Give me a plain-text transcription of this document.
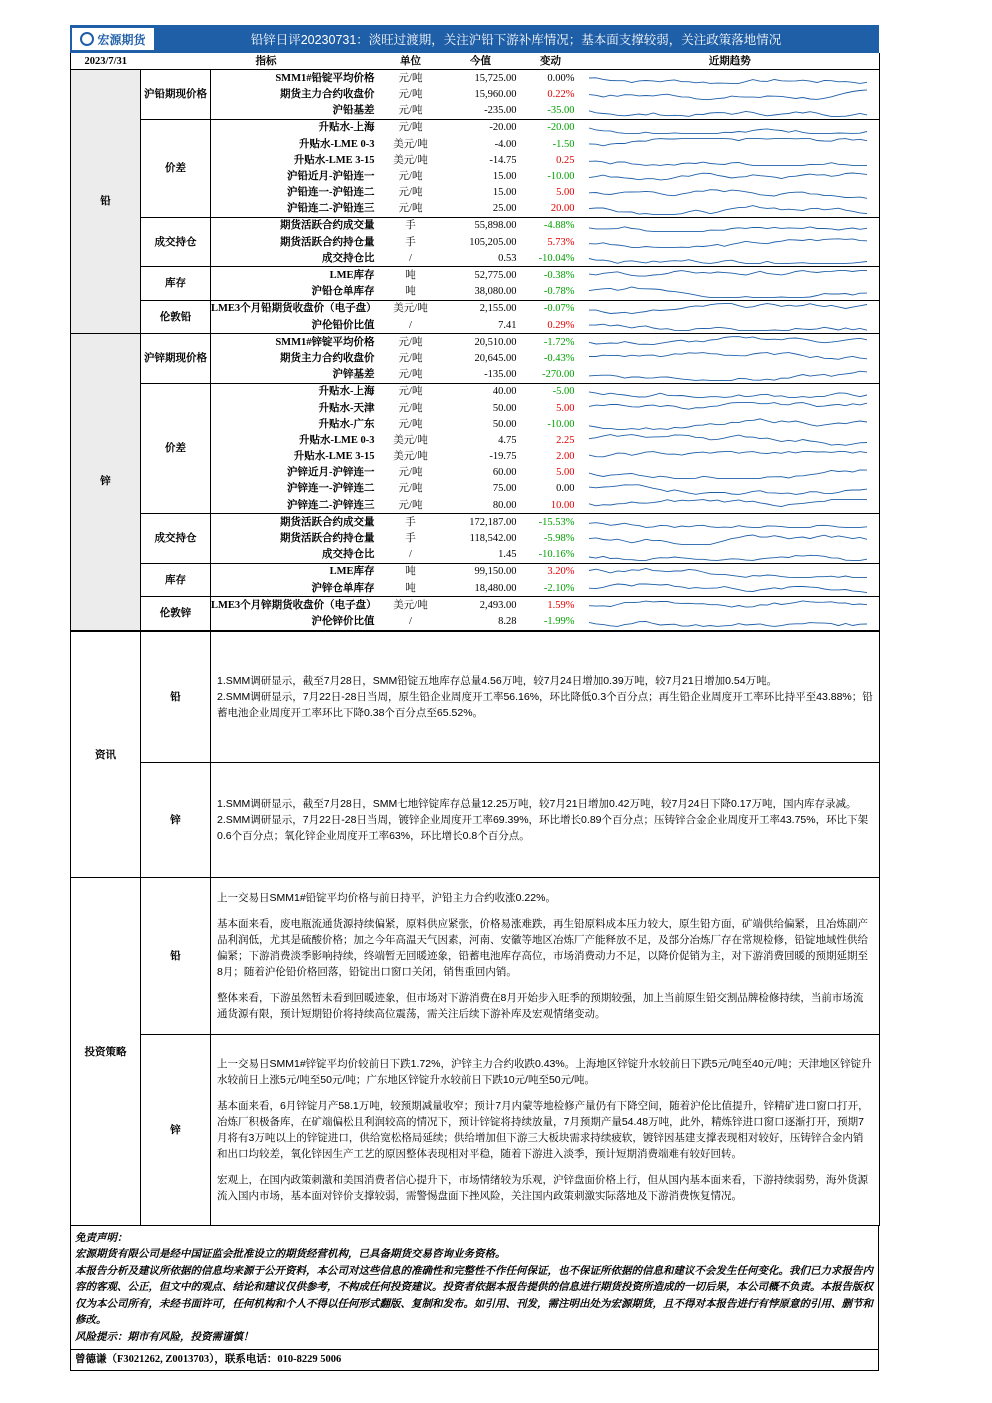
宏源期货	铅锌日评20230731：淡旺过渡期，关注沪铅下游补库情况；基本面支撑较弱，关注政策落地情况
2023/7/31		指标	单位	今值	变动	近期趋势
铅	沪铅期现价格	SMM1#铅锭平均价格	元/吨	15,725.00	0.00%	

		期货主力合约收盘价	元/吨	15,960.00	0.22%	

		沪铅基差	元/吨	-235.00	-35.00	

	价差	升贴水-上海	元/吨	-20.00	-20.00	

		升贴水-LME 0-3	美元/吨	-4.00	-1.50	

		升贴水-LME 3-15	美元/吨	-14.75	0.25	

		沪铅近月-沪铅连一	元/吨	15.00	-10.00	

		沪铅连一-沪铅连二	元/吨	15.00	5.00	

		沪铅连二-沪铅连三	元/吨	25.00	20.00	

	成交持仓	期货活跃合约成交量	手	55,898.00	-4.88%	

		期货活跃合约持仓量	手	105,205.00	5.73%	

		成交持仓比	/	0.53	-10.04%	

	库存	LME库存	吨	52,775.00	-0.38%	

		沪铅仓单库存	吨	38,080.00	-0.78%	

	伦敦铅	LME3个月铅期货收盘价（电子盘）	美元/吨	2,155.00	-0.07%	

		沪伦铅价比值	/	7.41	0.29%	

锌	沪锌期现价格	SMM1#锌锭平均价格	元/吨	20,510.00	-1.72%	

		期货主力合约收盘价	元/吨	20,645.00	-0.43%	

		沪锌基差	元/吨	-135.00	-270.00	

	价差	升贴水-上海	元/吨	40.00	-5.00	

		升贴水-天津	元/吨	50.00	5.00	

		升贴水-广东	元/吨	50.00	-10.00	

		升贴水-LME 0-3	美元/吨	4.75	2.25	

		升贴水-LME 3-15	美元/吨	-19.75	2.00	

		沪锌近月-沪锌连一	元/吨	60.00	5.00	

		沪锌连一-沪锌连二	元/吨	75.00	0.00	

		沪锌连二-沪锌连三	元/吨	80.00	10.00	

	成交持仓	期货活跃合约成交量	手	172,187.00	-15.53%	

		期货活跃合约持仓量	手	118,542.00	-5.98%	

		成交持仓比	/	1.45	-10.16%	

	库存	LME库存	吨	99,150.00	3.20%	

		沪锌仓单库存	吨	18,480.00	-2.10%	

	伦敦锌	LME3个月锌期货收盘价（电子盘）	美元/吨	2,493.00	1.59%	

		沪伦锌价比值	/	8.28	-1.99%	
资讯	铅	1.SMM调研显示，截至7月28日，SMM铅锭五地库存总量4.56万吨，较7月24日增加0.39万吨，较7月21日增加0.54万吨。
2.SMM调研显示，7月22日-28日当周，原生铅企业周度开工率56.16%，环比降低0.3个百分点；再生铅企业周度开工率环比持平至43.88%；铅蓄电池企业周度开工率环比下降0.38个百分点至65.52%。

	锌	1.SMM调研显示，截至7月28日，SMM七地锌锭库存总量12.25万吨，较7月21日增加0.42万吨，较7月24日下降0.17万吨，国内库存录减。
2.SMM调研显示，7月22日-28日当周，镀锌企业周度开工率69.39%，环比增长0.89个百分点；压铸锌合金企业周度开工率43.75%，环比下架0.6个百分点；氧化锌企业周度开工率63%，环比增长0.8个百分点。

投资策略	铅	上一交易日SMM1#铅锭平均价格与前日持平，沪铅主力合约收涨0.22%。

基本面来看，废电瓶流通货源持续偏紧，原料供应紧张，价格易涨难跌，再生铅原料成本压力较大，原生铅方面，矿端供给偏紧，且冶炼副产品利润低，尤其是硫酸价格；加之今年高温天气因素，河南、安徽等地区冶炼厂产能释放不足，及部分冶炼厂存在常规检修，铅锭地域性供给偏紧；下游消费淡季影响持续，终端暂无回暖迹象，铅蓄电池库存高位，市场消费动力不足，以降价促销为主，对下游消费回暖的预期延期至8月；随着沪伦铅价格回落，铅锭出口窗口关闭，销售重回内销。

整体来看，下游虽然暂未看到回暖迹象，但市场对下游消费在8月开始步入旺季的预期较强，加上当前原生铅交割品牌检修持续，当前市场流通货源有限，预计短期铅价将持续高位震荡，需关注后续下游补库及宏观情绪变动。

	锌	上一交易日SMM1#锌锭平均价较前日下跌1.72%，沪锌主力合约收跌0.43%。上海地区锌锭升水较前日下跌5元/吨至40元/吨；天津地区锌锭升水较前日上涨5元/吨至50元/吨；广东地区锌锭升水较前日下跌10元/吨至50元/吨。

基本面来看，6月锌锭月产58.1万吨，较预期减量收窄；预计7月内蒙等地检修产量仍有下降空间，随着沪伦比值提升，锌精矿进口窗口打开，冶炼厂积极备库，在矿端偏松且利润较高的情况下，预计锌锭将持续放量，7月预期产量54.48万吨，此外，精炼锌进口窗口逐渐打开，预期7月将有3万吨以上的锌锭进口，供给宽松格局延续；供给增加但下游三大板块需求持续疲软，镀锌因基建支撑表现相对较好，压铸锌合金内销和出口均较差，氧化锌因生产工艺的原因整体表现相对平稳，随着下游进入淡季，预计短期消费端难有较好回转。

宏观上，在国内政策刺激和美国消费者信心提升下，市场情绪较为乐观，沪锌盘面价格上行，但从国内基本面来看，下游持续弱势，海外货源流入国内市场，基本面对锌价支撑较弱，需警惕盘面下挫风险，关注国内政策刺激实际落地及下游消费恢复情况。

免责声明：
宏源期货有限公司是经中国证监会批准设立的期货经营机构，已具备期货交易咨询业务资格。
本报告分析及建议所依据的信息均来源于公开资料，本公司对这些信息的准确性和完整性不作任何保证，也不保证所依据的信息和建议不会发生任何变化。我们已力求报告内容的客观、公正，但文中的观点、结论和建议仅供参考，不构成任何投资建议。投资者依据本报告提供的信息进行期货投资所造成的一切后果，本公司概不负责。本报告版权仅为本公司所有，未经书面许可，任何机构和个人不得以任何形式翻版、复制和发布。如引用、刊发，需注明出处为宏源期货，且不得对本报告进行有悖原意的引用、删节和修改。
风险提示：期市有风险，投资需谨慎！
曾德谦（F3021262, Z0013703），联系电话：010-8229 5006
